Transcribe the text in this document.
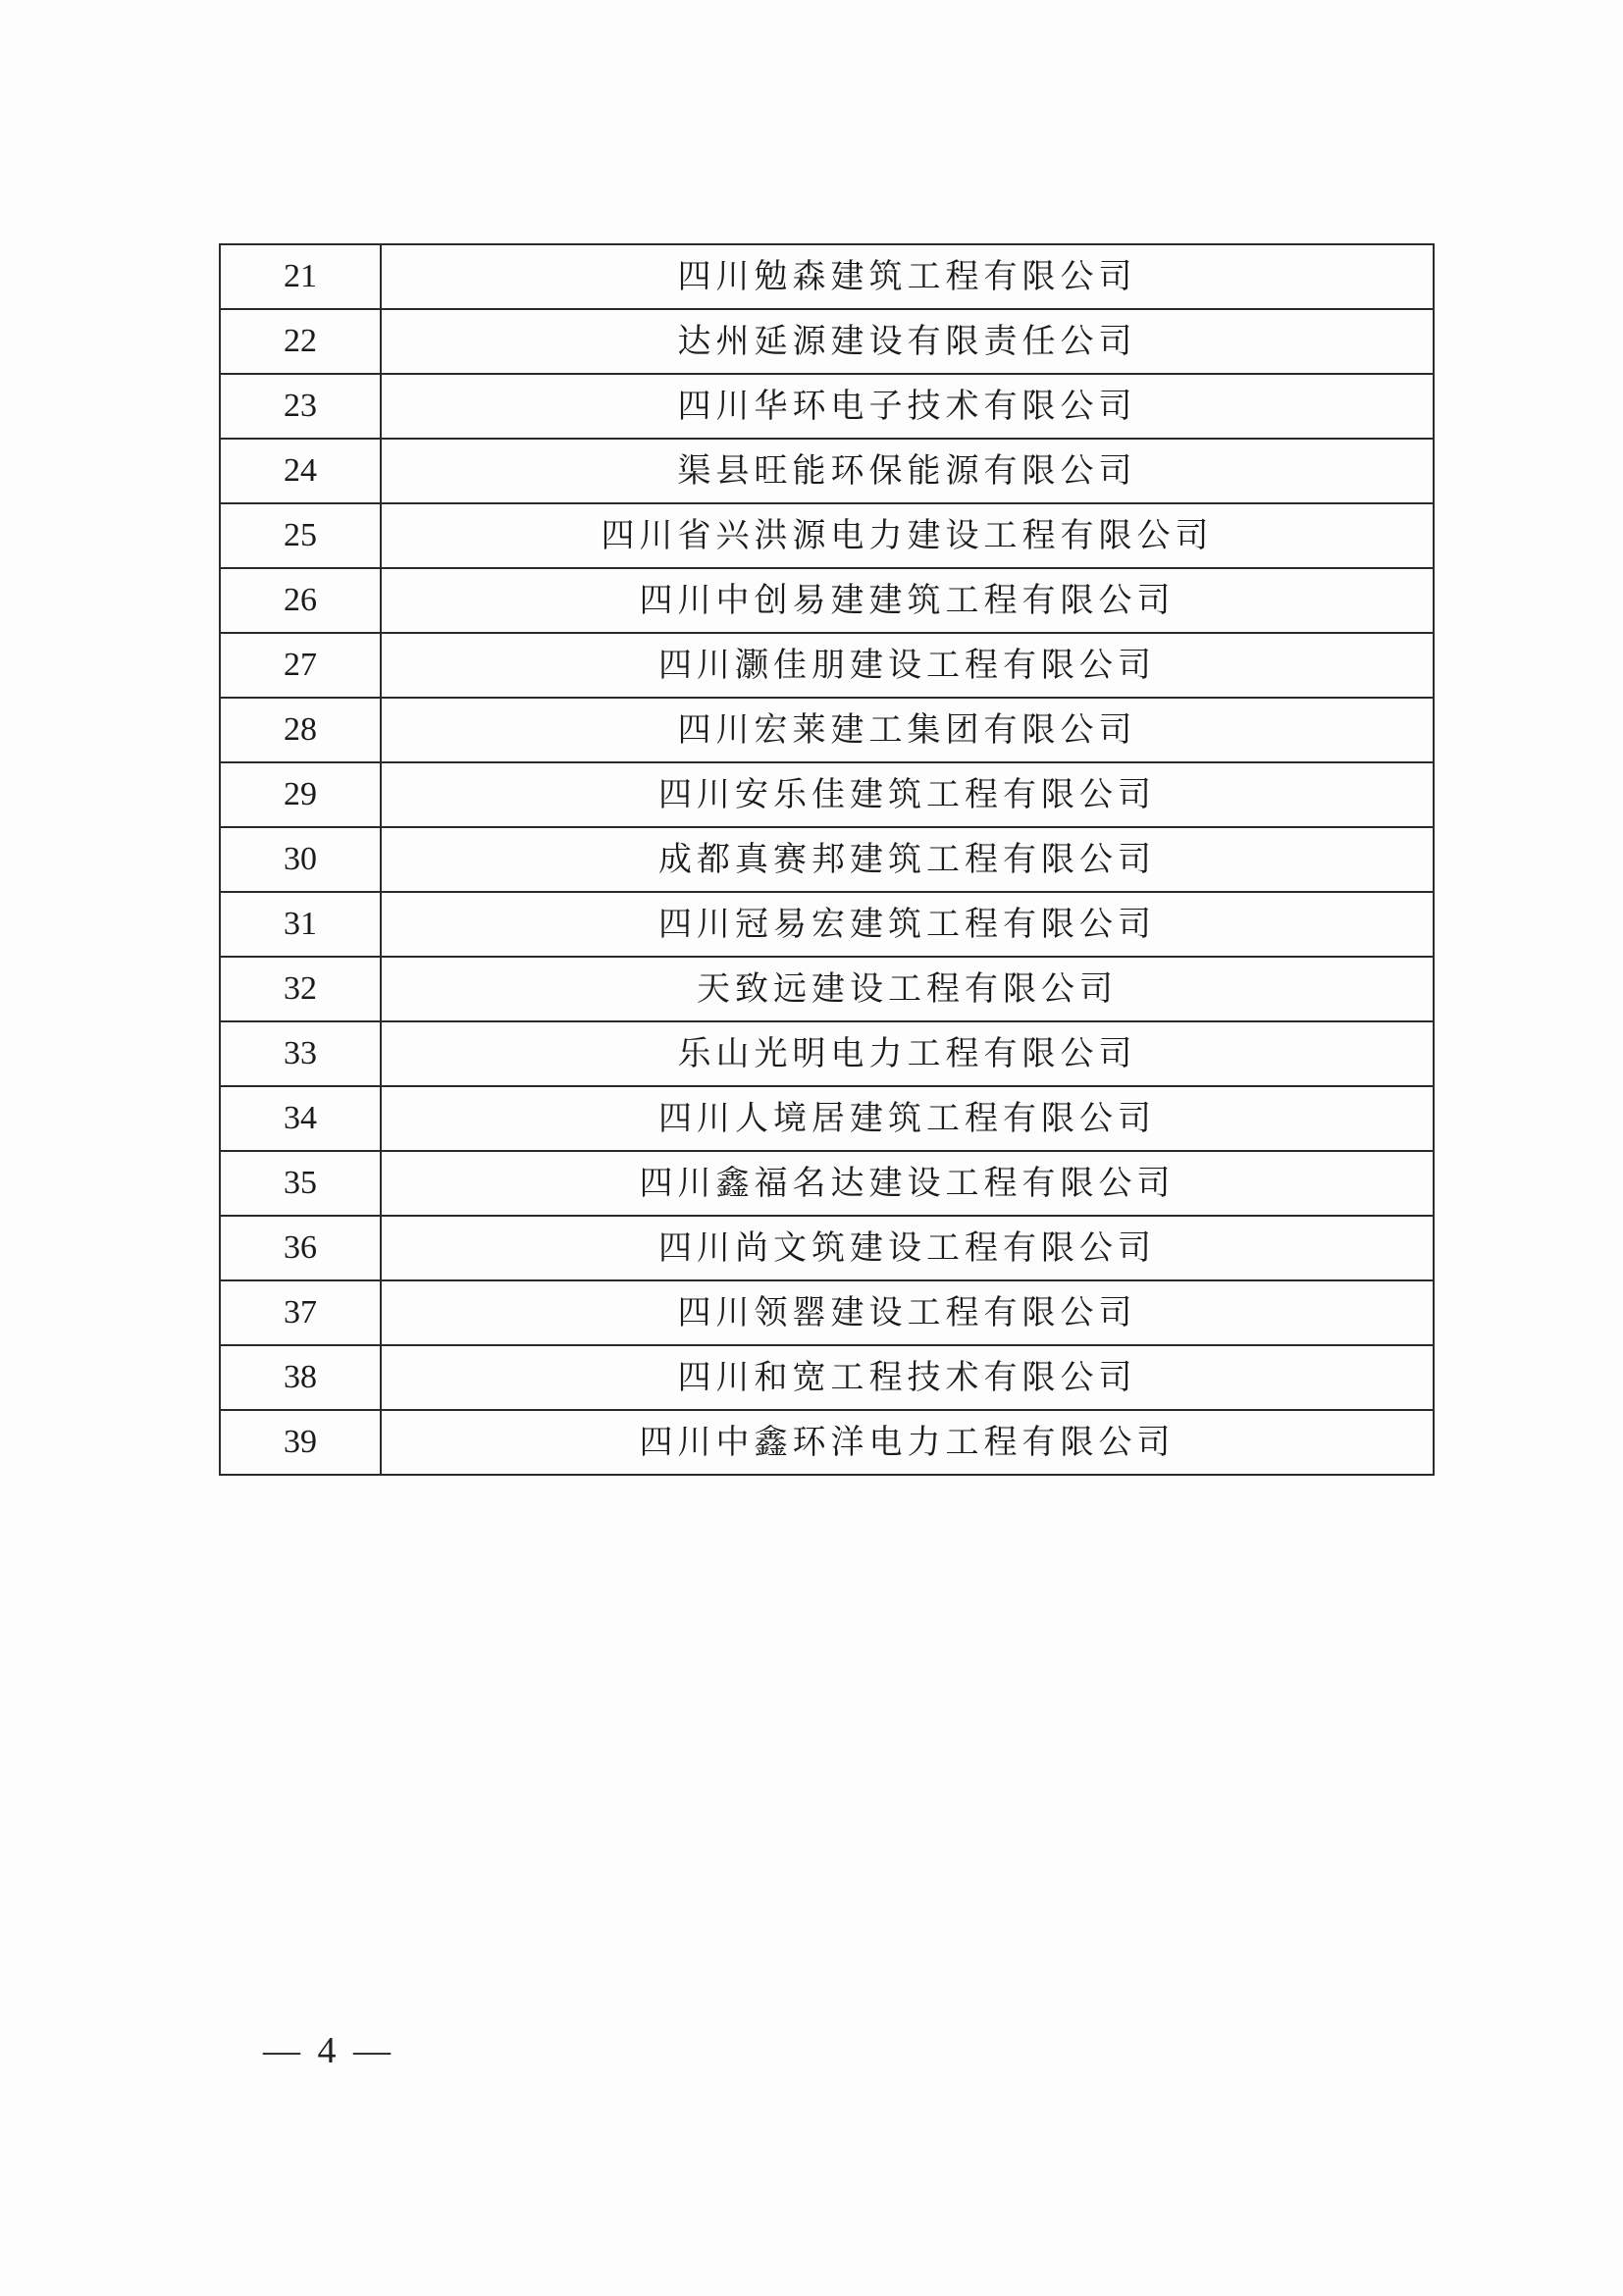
21	四川勉森建筑工程有限公司
22	达州延源建设有限责任公司
23	四川华环电子技术有限公司
24	渠县旺能环保能源有限公司
25	四川省兴洪源电力建设工程有限公司
26	四川中创易建建筑工程有限公司
27	四川灏佳朋建设工程有限公司
28	四川宏莱建工集团有限公司
29	四川安乐佳建筑工程有限公司
30	成都真赛邦建筑工程有限公司
31	四川冠易宏建筑工程有限公司
32	天致远建设工程有限公司
33	乐山光明电力工程有限公司
34	四川人境居建筑工程有限公司
35	四川鑫福名达建设工程有限公司
36	四川尚文筑建设工程有限公司
37	四川领罂建设工程有限公司
38	四川和宽工程技术有限公司
39	四川中鑫环洋电力工程有限公司
— 4 —
